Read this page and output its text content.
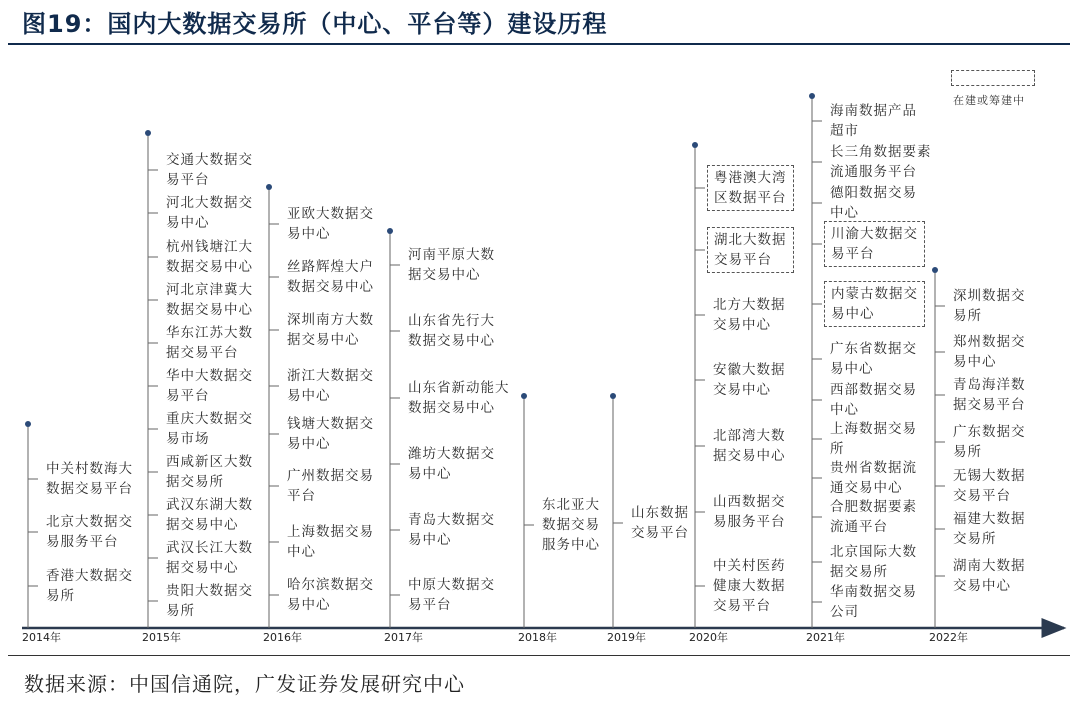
图19：国内大数据交易所（中心、平台等）建设历程
2014年	2015年	2016年	2017年	2018年	2019年	2020年	2021年	2022年
中关村数海大
数据交易平台
北京大数据交
易服务平台
香港大数据交
易所
交通大数据交
易平台
河北大数据交
易中心
杭州钱塘江大
数据交易中心
河北京津冀大
数据交易中心
华东江苏大数
据交易平台
华中大数据交
易平台
重庆大数据交
易市场
西咸新区大数
据交易所
武汉东湖大数
据交易中心
武汉长江大数
据交易中心
贵阳大数据交
易所
亚欧大数据交
易中心
丝路辉煌大户
数据交易中心
深圳南方大数
据交易中心
浙江大数据交
易中心
钱塘大数据交
易中心
广州数据交易
平台
上海数据交易
中心
哈尔滨数据交
易中心
河南平原大数
据交易中心
山东省先行大
数据交易中心
山东省新动能大
数据交易中心
潍坊大数据交
易中心
青岛大数据交
易中心
中原大数据交
易平台
东北亚大
数据交易
服务中心
山东数据
交易平台
粤港澳大湾
区数据平台
湖北大数据
交易平台
北方大数据
交易中心
安徽大数据
交易中心
北部湾大数
据交易中心
山西数据交
易服务平台
中关村医药
健康大数据
交易平台
海南数据产品
超市
长三角数据要素
流通服务平台
德阳数据交易
中心
川渝大数据交
易平台
内蒙古数据交
易中心
广东省数据交
易中心
西部数据交易
中心
上海数据交易
所
贵州省数据流
通交易中心
合肥数据要素
流通平台
北京国际大数
据交易所
华南数据交易
公司
深圳数据交
易所
郑州数据交
易中心
青岛海洋数
据交易平台
广东数据交
易所
无锡大数据
交易平台
福建大数据
交易所
湖南大数据
交易中心
在建或筹建中
数据来源：中国信通院，广发证券发展研究中心
